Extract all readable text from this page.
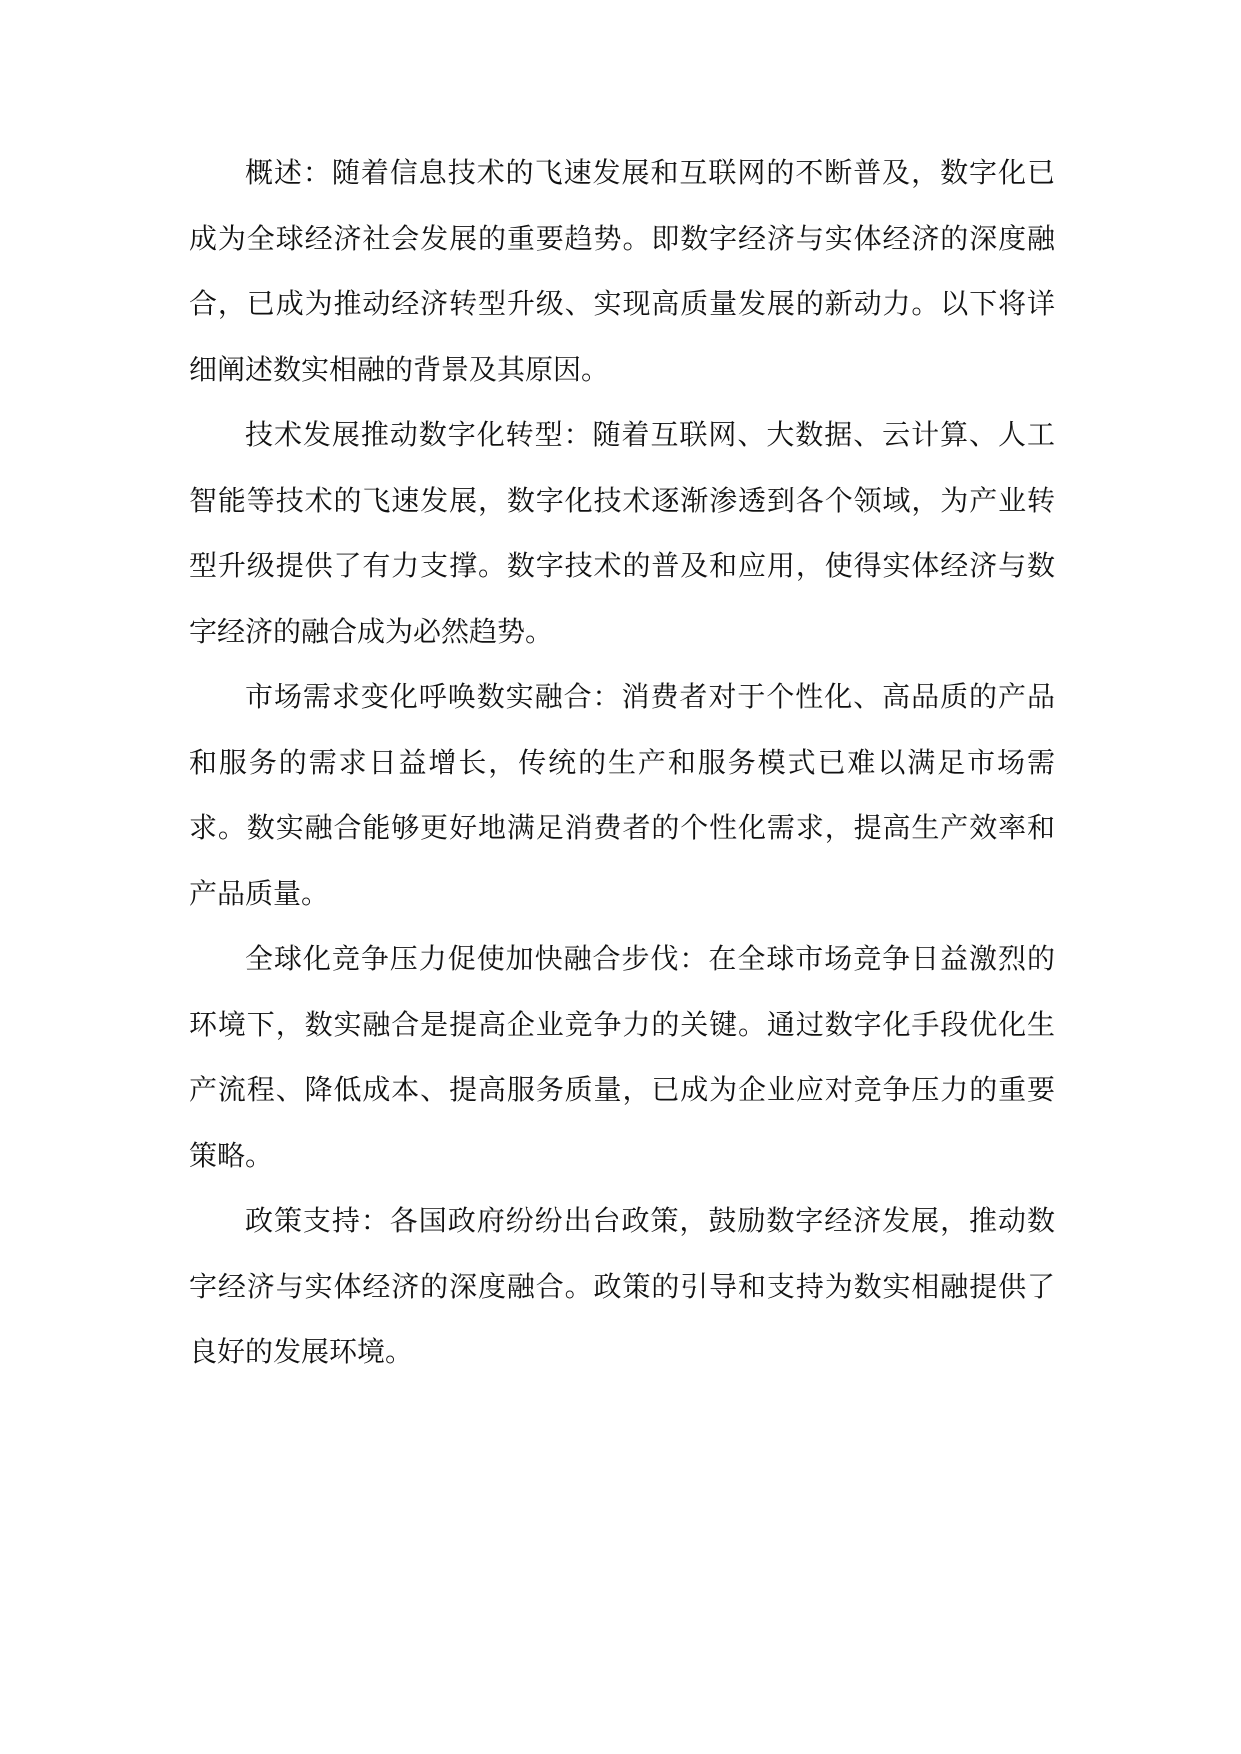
概述：随着信息技术的飞速发展和互联网的不断普及，数字化已成为全球经济社会发展的重要趋势。即数字经济与实体经济的深度融合，已成为推动经济转型升级、实现高质量发展的新动力。以下将详细阐述数实相融的背景及其原因。

技术发展推动数字化转型：随着互联网、大数据、云计算、人工智能等技术的飞速发展，数字化技术逐渐渗透到各个领域，为产业转型升级提供了有力支撑。数字技术的普及和应用，使得实体经济与数字经济的融合成为必然趋势。

市场需求变化呼唤数实融合：消费者对于个性化、高品质的产品和服务的需求日益增长，传统的生产和服务模式已难以满足市场需求。数实融合能够更好地满足消费者的个性化需求，提高生产效率和产品质量。

全球化竞争压力促使加快融合步伐：在全球市场竞争日益激烈的环境下，数实融合是提高企业竞争力的关键。通过数字化手段优化生产流程、降低成本、提高服务质量，已成为企业应对竞争压力的重要策略。

政策支持：各国政府纷纷出台政策，鼓励数字经济发展，推动数字经济与实体经济的深度融合。政策的引导和支持为数实相融提供了良好的发展环境。
